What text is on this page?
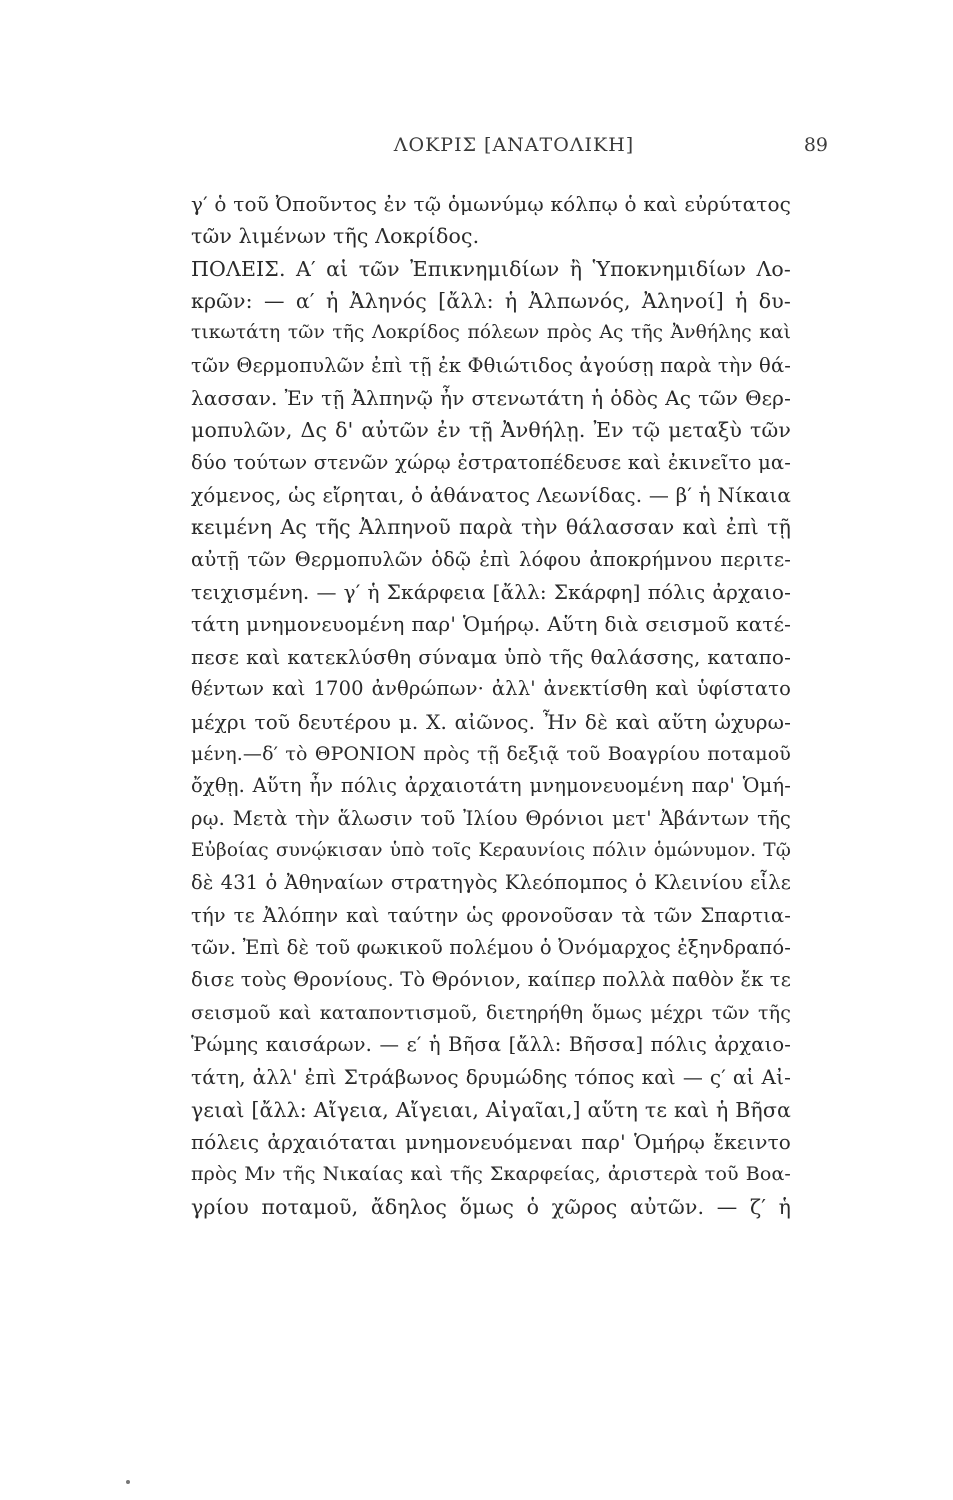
ΛΟΚΡΙΣ [ΑΝΑΤΟΛΙΚΗ]	89
γ′ ὁ τοῦ Ὀποῦντος ἐν τῷ ὁμωνύμῳ κόλπῳ ὁ καὶ εὐρύτατος
τῶν λιμένων τῆς Λοκρίδος.
ΠΟΛΕΙΣ. Α′ αἱ τῶν Ἐπικνημιδίων ἢ Ὑποκνημιδίων Λο-
κρῶν: — α′ ἡ Ἀληνός [ἄλλ: ἡ Ἀλπωνός, Ἀληνοί] ἡ δυ-
τικωτάτη τῶν τῆς Λοκρίδος πόλεων πρὸς Ας τῆς Ἀνθήλης καὶ
τῶν Θερμοπυλῶν ἐπὶ τῇ ἐκ Φθιώτιδος ἀγούσῃ παρὰ τὴν θά-
λασσαν. Ἐν τῇ Ἀλπηνῷ ἦν στενωτάτη ἡ ὁδὸς Ας τῶν Θερ-
μοπυλῶν, Δς δ' αὐτῶν ἐν τῇ Ἀνθήλῃ. Ἐν τῷ μεταξὺ τῶν
δύο τούτων στενῶν χώρῳ ἐστρατοπέδευσε καὶ ἐκινεῖτο μα-
χόμενος, ὡς εἴρηται, ὁ ἀθάνατος Λεωνίδας. — β′ ἡ Νίκαια
κειμένη Ας τῆς Ἀλπηνοῦ παρὰ τὴν θάλασσαν καὶ ἐπὶ τῇ
αὐτῇ τῶν Θερμοπυλῶν ὁδῷ ἐπὶ λόφου ἀποκρήμνου περιτε-
τειχισμένη. — γ′ ἡ Σκάρφεια [ἄλλ: Σκάρφη] πόλις ἀρχαιο-
τάτη μνημονευομένη παρ' Ὁμήρῳ. Αὕτη διὰ σεισμοῦ κατέ-
πεσε καὶ κατεκλύσθη σύναμα ὑπὸ τῆς θαλάσσης, καταπο-
θέντων καὶ 1700 ἀνθρώπων· ἀλλ' ἀνεκτίσθη καὶ ὑφίστατο
μέχρι τοῦ δευτέρου μ. Χ. αἰῶνος. Ἦν δὲ καὶ αὕτη ὠχυρω-
μένη.—δ′ τὸ ΘΡΟΝΙΟΝ πρὸς τῇ δεξιᾷ τοῦ Βοαγρίου ποταμοῦ
ὄχθῃ. Αὕτη ἦν πόλις ἀρχαιοτάτη μνημονευομένη παρ' Ὁμή-
ρῳ. Μετὰ τὴν ἅλωσιν τοῦ Ἰλίου Θρόνιοι μετ' Ἀβάντων τῆς
Εὐβοίας συνῴκισαν ὑπὸ τοῖς Κεραυνίοις πόλιν ὁμώνυμον. Τῷ
δὲ 431 ὁ Ἀθηναίων στρατηγὸς Κλεόπομπος ὁ Κλεινίου εἷλε
τήν τε Ἀλόπην καὶ ταύτην ὡς φρονοῦσαν τὰ τῶν Σπαρτια-
τῶν. Ἐπὶ δὲ τοῦ φωκικοῦ πολέμου ὁ Ὀνόμαρχος ἐξηνδραπό-
δισε τοὺς Θρονίους. Τὸ Θρόνιον, καίπερ πολλὰ παθὸν ἔκ τε
σεισμοῦ καὶ καταποντισμοῦ, διετηρήθη ὅμως μέχρι τῶν τῆς
Ῥώμης καισάρων. — ε′ ἡ Βῆσα [ἄλλ: Βῆσσα] πόλις ἀρχαιο-
τάτη, ἀλλ' ἐπὶ Στράβωνος δρυμώδης τόπος καὶ — ς′ αἱ Αἰ-
γειαὶ [ἄλλ: Αἴγεια, Αἴγειαι, Αἰγαῖαι,] αὕτη τε καὶ ἡ Βῆσα
πόλεις ἀρχαιόταται μνημονευόμεναι παρ' Ὁμήρῳ ἔκειντο
πρὸς Μν τῆς Νικαίας καὶ τῆς Σκαρφείας, ἀριστερὰ τοῦ Βοα-
γρίου ποταμοῦ, ἄδηλος ὅμως ὁ χῶρος αὐτῶν. — ζ′ ἡ
